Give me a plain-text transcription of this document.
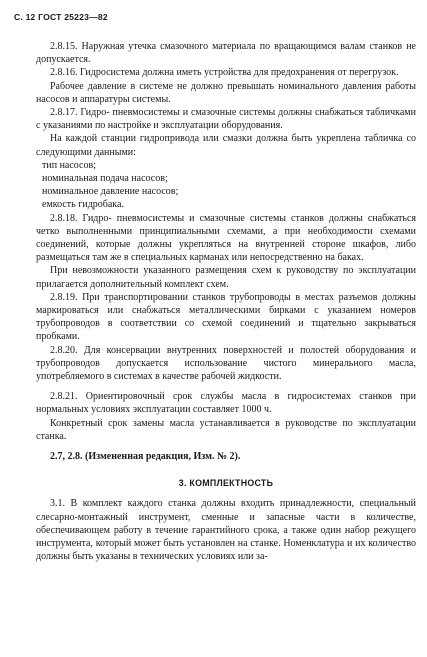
С. 12 ГОСТ 25223—82

2.8.15. Наружная утечка смазочного материала по вращающимся валам станков не допускается.

2.8.16. Гидросистема должна иметь устройства для предохранения от перегрузок.

Рабочее давление в системе не должно превышать номинального давления работы насосов и аппаратуры системы.

2.8.17. Гидро- пневмосистемы и смазочные системы должны снабжаться табличками с указаниями по настройке и эксплуатации оборудования.

На каждой станции гидропривода или смазки должна быть укреплена табличка со следующими данными:

тип насосов;

номинальная подача насосов;

номинальное давление насосов;

емкость гидробака.

2.8.18. Гидро- пневмосистемы и смазочные системы станков должны снабжаться четко выполненными принципиальными схемами, а при необходимости схемами соединений, которые должны укрепляться на внутренней стороне шкафов, либо размещаться там же в специальных карманах или непосредственно на баках.

При невозможности указанного размещения схем к руководству по эксплуатации прилагается дополнительный комплект схем.

2.8.19. При транспортировании станков трубопроводы в местах разъемов должны маркироваться или снабжаться металлическими бирками с указанием номеров трубопроводов в соответствии со схемой соединений и тщательно закрываться пробками.

2.8.20. Для консервации внутренних поверхностей и полостей оборудования и трубопроводов допускается использование чистого минерального масла, употребляемого в системах в качестве рабочей жидкости.

2.8.21. Ориентировочный срок службы масла в гидросистемах станков при нормальных условиях эксплуатации составляет 1000 ч.

Конкретный срок замены масла устанавливается в руководстве по эксплуатации станка.

2.7, 2.8. (Измененная редакция, Изм. № 2).

3. КОМПЛЕКТНОСТЬ

3.1. В комплект каждого станка должны входить принадлежности, специальный слесарно-монтажный инструмент, сменные и запасные части в количестве, обеспечивающем работу в течение гарантийного срока, а также один набор режущего инструмента, который может быть установлен на станке. Номенклатура и их количество должны быть указаны в технических условиях или за-
